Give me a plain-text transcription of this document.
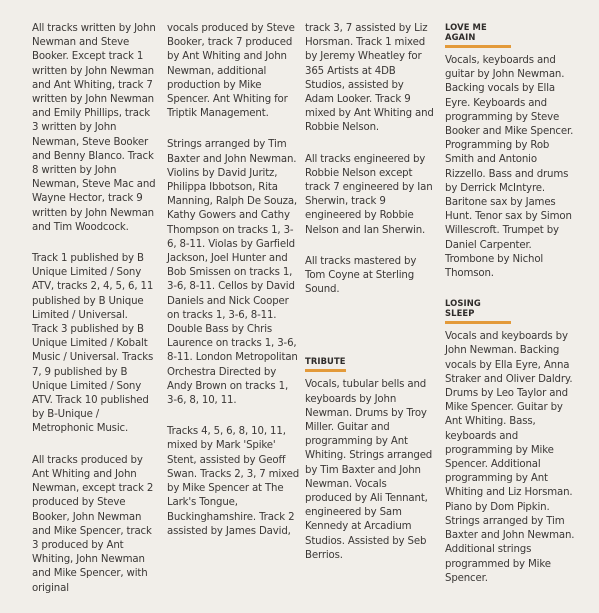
All tracks written by John Newman and Steve Booker. Except track 1 written by John Newman and Ant Whiting, track 7 written by John Newman and Emily Phillips, track 3 written by John Newman, Steve Booker and Benny Blanco. Track 8 written by John Newman, Steve Mac and Wayne Hector, track 9 written by John Newman and Tim Woodcock.

Track 1 published by B Unique Limited / Sony ATV, tracks 2, 4, 5, 6, 11 published by B Unique Limited / Universal. Track 3 published by B Unique Limited / Kobalt Music / Universal. Tracks 7, 9 published by B Unique Limited / Sony ATV. Track 10 published by B-Unique / Metrophonic Music.

All tracks produced by Ant Whiting and John Newman, except track 2 produced by Steve Booker, John Newman and Mike Spencer, track 3 produced by Ant Whiting, John Newman and Mike Spencer, with original

vocals produced by Steve Booker, track 7 produced by Ant Whiting and John Newman, additional production by Mike Spencer. Ant Whiting for Triptik Management.

Strings arranged by Tim Baxter and John Newman. Violins by David Juritz, Philippa Ibbotson, Rita Manning, Ralph De Souza, Kathy Gowers and Cathy Thompson on tracks 1, 3-6, 8-11. Violas by Garfield Jackson, Joel Hunter and Bob Smissen on tracks 1, 3-6, 8-11. Cellos by David Daniels and Nick Cooper on tracks 1, 3-6, 8-11. Double Bass by Chris Laurence on tracks 1, 3-6, 8-11. London Metropolitan Orchestra Directed by Andy Brown on tracks 1, 3-6, 8, 10, 11.

Tracks 4, 5, 6, 8, 10, 11, mixed by Mark 'Spike' Stent, assisted by Geoff Swan. Tracks 2, 3, 7 mixed by Mike Spencer at The Lark's Tongue, Buckinghamshire. Track 2 assisted by James David,

track 3, 7 assisted by Liz Horsman. Track 1 mixed by Jeremy Wheatley for 365 Artists at 4DB Studios, assisted by Adam Looker. Track 9 mixed by Ant Whiting and Robbie Nelson.

All tracks engineered by Robbie Nelson except track 7 engineered by Ian Sherwin, track 9 engineered by Robbie Nelson and Ian Sherwin.

All tracks mastered by Tom Coyne at Sterling Sound.

TRIBUTE

Vocals, tubular bells and keyboards by John Newman. Drums by Troy Miller. Guitar and programming by Ant Whiting. Strings arranged by Tim Baxter and John Newman. Vocals produced by Ali Tennant, engineered by Sam Kennedy at Arcadium Studios. Assisted by Seb Berrios.

LOVE ME AGAIN

Vocals, keyboards and guitar by John Newman. Backing vocals by Ella Eyre. Keyboards and programming by Steve Booker and Mike Spencer. Programming by Rob Smith and Antonio Rizzello. Bass and drums by Derrick McIntyre. Baritone sax by James Hunt. Tenor sax by Simon Willescroft. Trumpet by Daniel Carpenter. Trombone by Nichol Thomson.

LOSING SLEEP

Vocals and keyboards by John Newman. Backing vocals by Ella Eyre, Anna Straker and Oliver Daldry. Drums by Leo Taylor and Mike Spencer. Guitar by Ant Whiting. Bass, keyboards and programming by Mike Spencer. Additional programming by Ant Whiting and Liz Horsman. Piano by Dom Pipkin. Strings arranged by Tim Baxter and John Newman. Additional strings programmed by Mike Spencer.
